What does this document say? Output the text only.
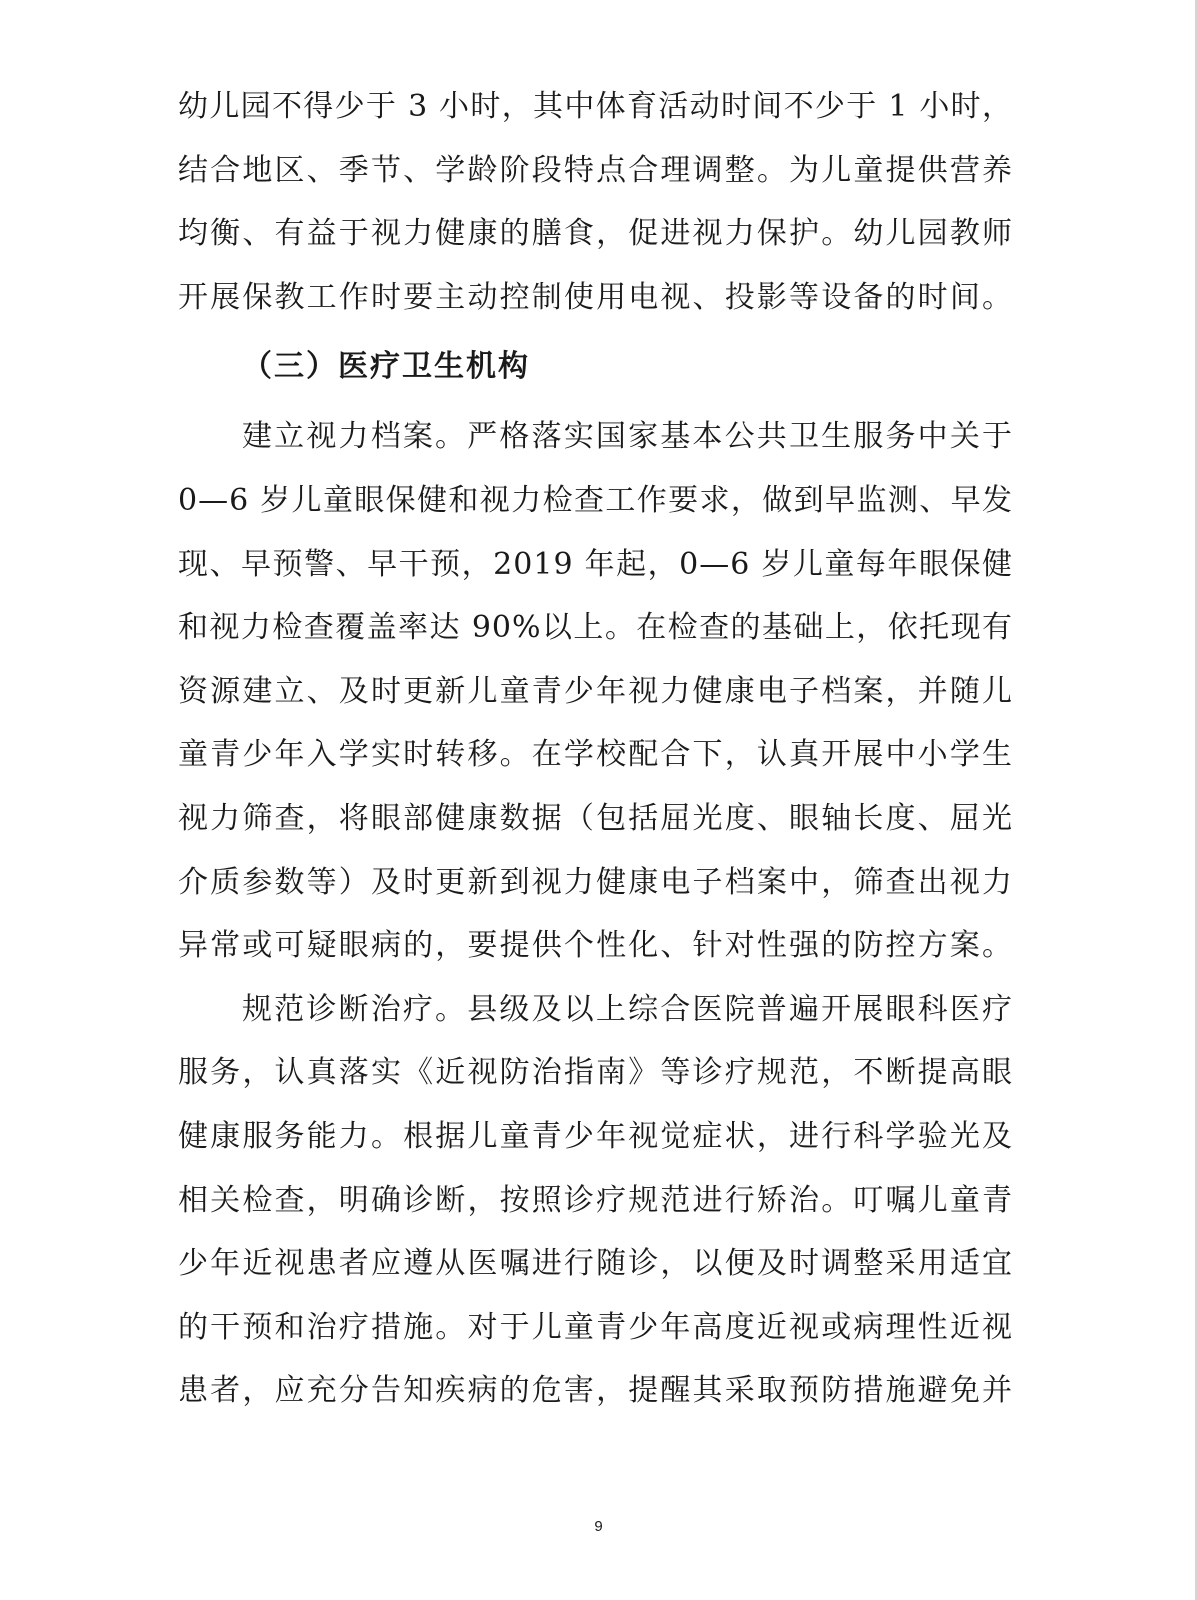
幼儿园不得少于 3 小时，其中体育活动时间不少于 1 小时，
结合地区、季节、学龄阶段特点合理调整。为儿童提供营养
均衡、有益于视力健康的膳食，促进视力保护。幼儿园教师
开展保教工作时要主动控制使用电视、投影等设备的时间。
（三）医疗卫生机构
建立视力档案。严格落实国家基本公共卫生服务中关于
0—6 岁儿童眼保健和视力检查工作要求，做到早监测、早发
现、早预警、早干预，2019 年起，0—6 岁儿童每年眼保健
和视力检查覆盖率达 90%以上。在检查的基础上，依托现有
资源建立、及时更新儿童青少年视力健康电子档案，并随儿
童青少年入学实时转移。在学校配合下，认真开展中小学生
视力筛查，将眼部健康数据（包括屈光度、眼轴长度、屈光
介质参数等）及时更新到视力健康电子档案中，筛查出视力
异常或可疑眼病的，要提供个性化、针对性强的防控方案。
规范诊断治疗。县级及以上综合医院普遍开展眼科医疗
服务，认真落实《近视防治指南》等诊疗规范，不断提高眼
健康服务能力。根据儿童青少年视觉症状，进行科学验光及
相关检查，明确诊断，按照诊疗规范进行矫治。叮嘱儿童青
少年近视患者应遵从医嘱进行随诊，以便及时调整采用适宜
的干预和治疗措施。对于儿童青少年高度近视或病理性近视
患者，应充分告知疾病的危害，提醒其采取预防措施避免并
9
